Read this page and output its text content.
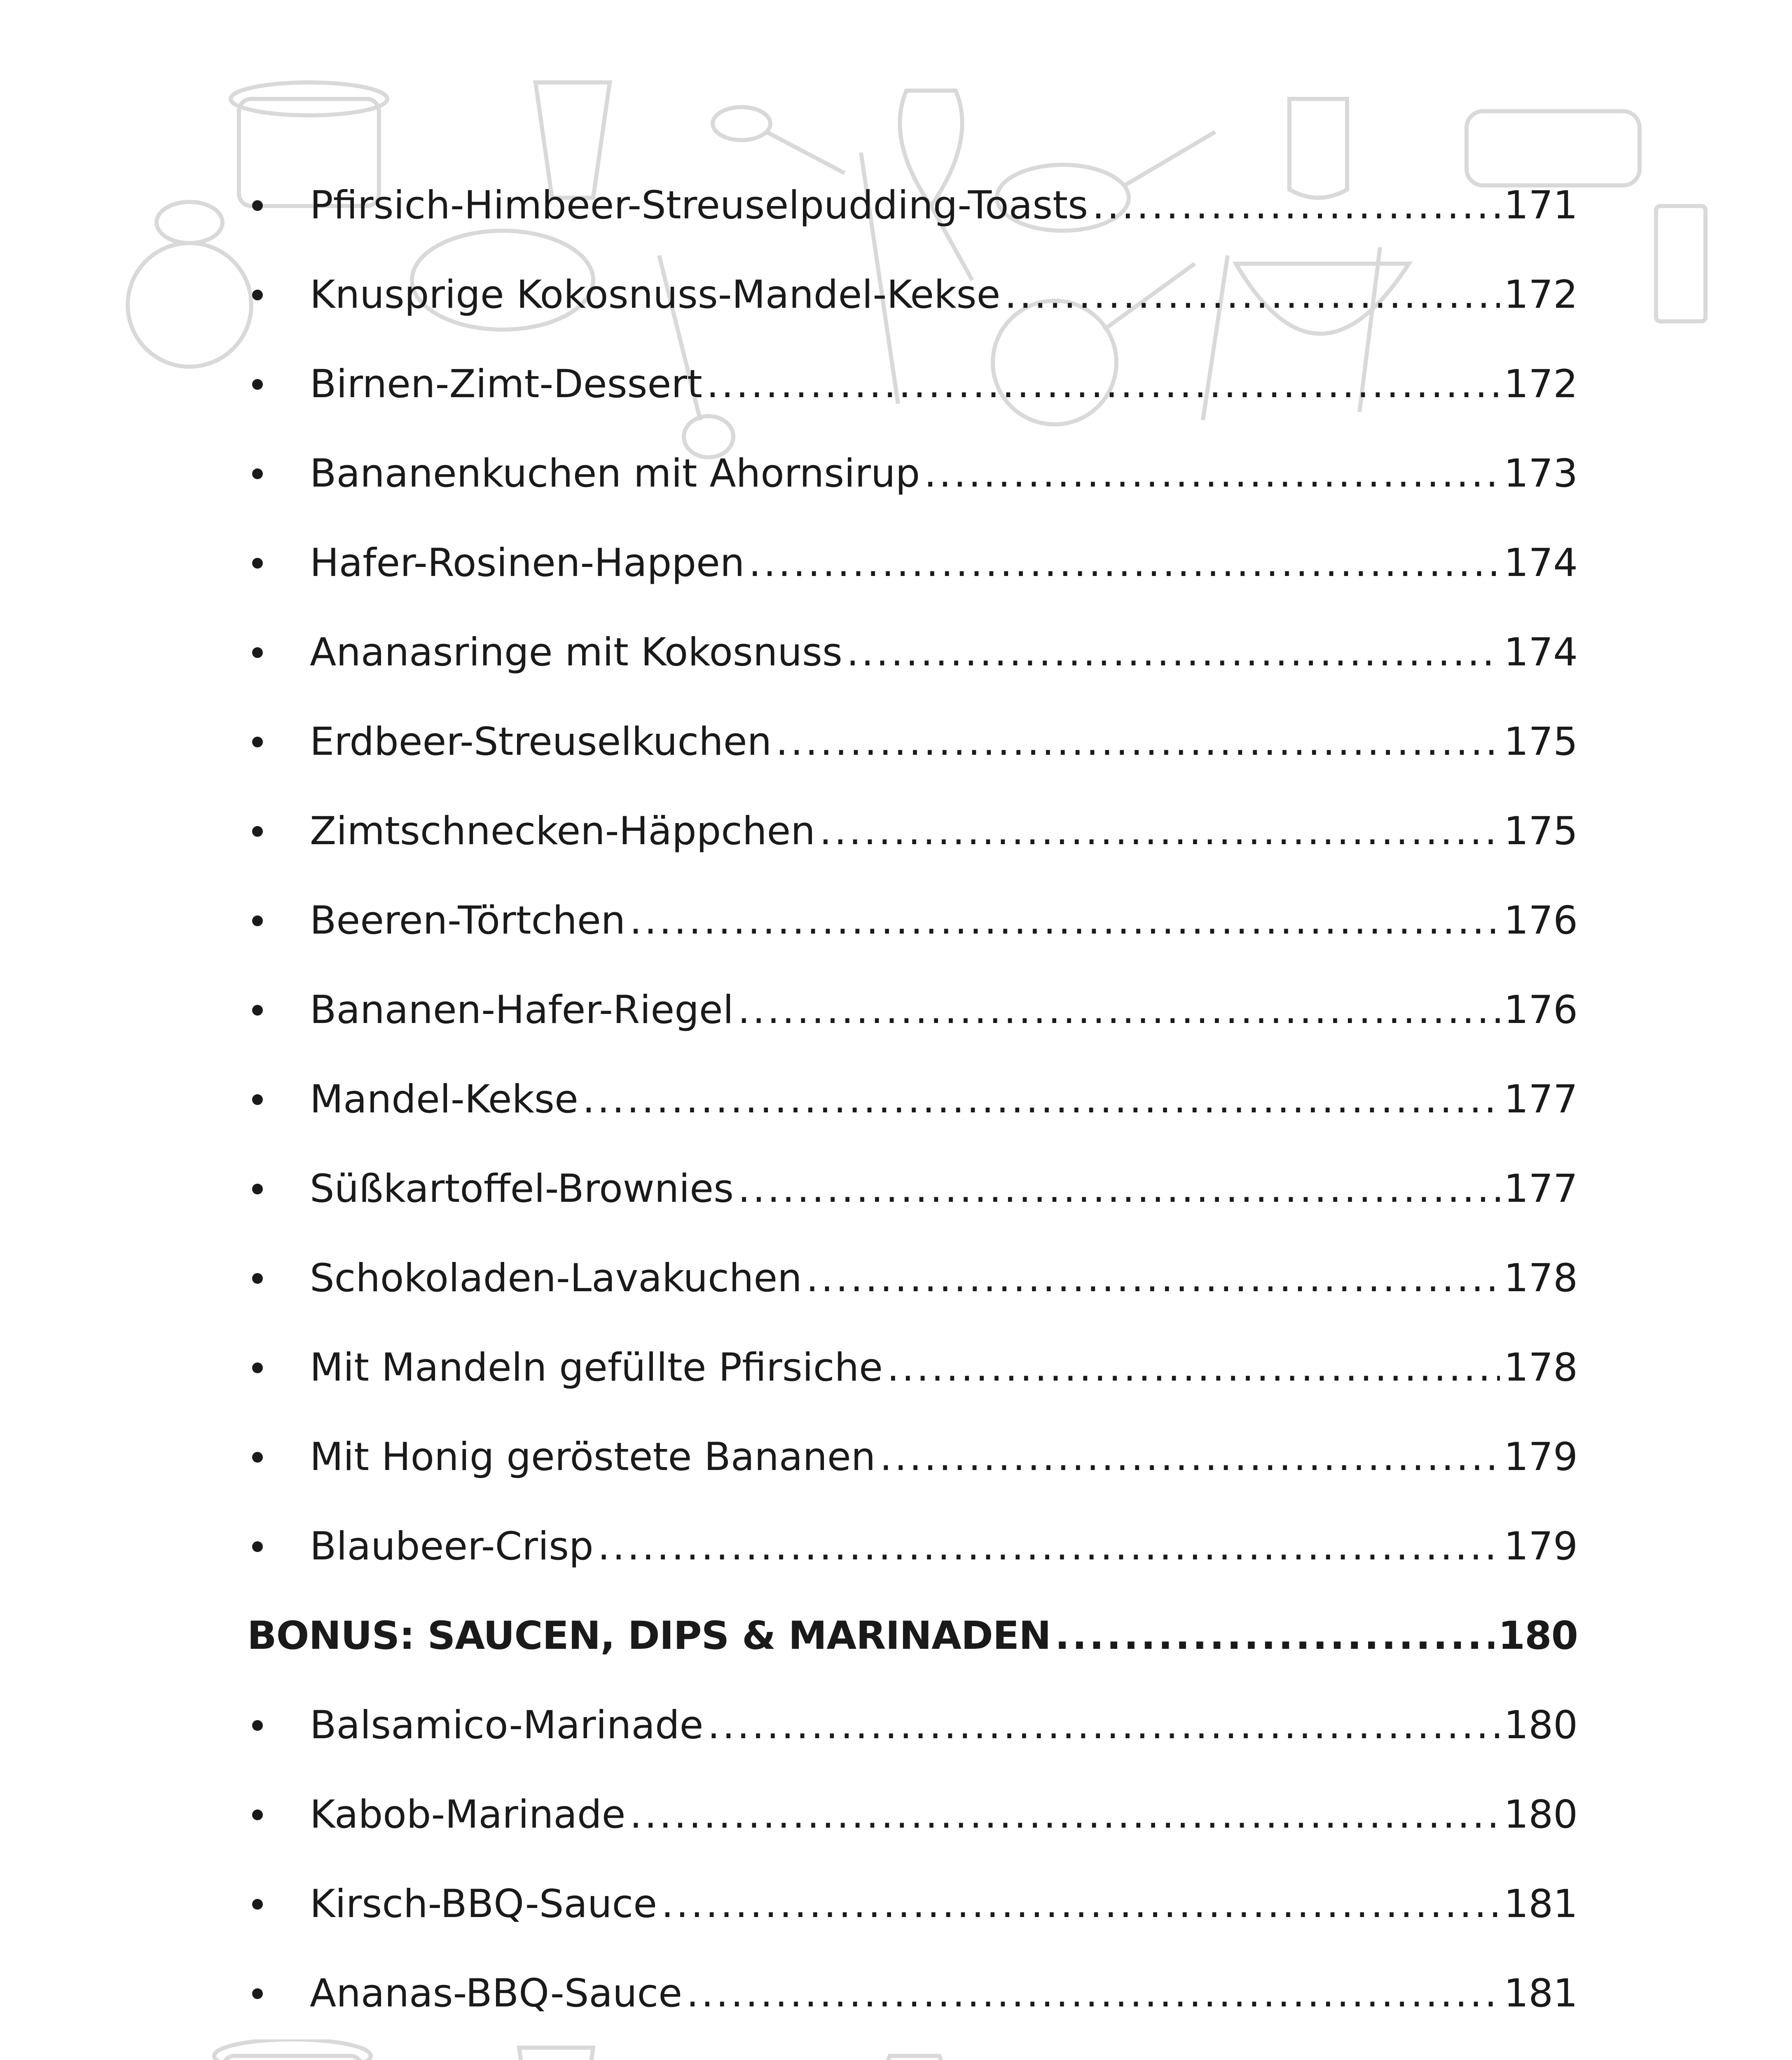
Pfirsich-Himbeer-Streuselpudding-Toasts .....	171
Knusprige Kokosnuss-Mandel-Kekse .....	172
Birnen-Zimt-Dessert .....	172
Bananenkuchen mit Ahornsirup .....	173
Hafer-Rosinen-Happen .....	174
Ananasringe mit Kokosnuss .....	174
Erdbeer-Streuselkuchen .....	175
Zimtschnecken-Häppchen .....	175
Beeren-Törtchen .....	176
Bananen-Hafer-Riegel .....	176
Mandel-Kekse .....	177
Süßkartoffel-Brownies .....	177
Schokoladen-Lavakuchen .....	178
Mit Mandeln gefüllte Pfirsiche .....	178
Mit Honig geröstete Bananen .....	179
Blaubeer-Crisp .....	179
BONUS: SAUCEN, DIPS & MARINADEN .....	180
Balsamico-Marinade .....	180
Kabob-Marinade .....	180
Kirsch-BBQ-Sauce .....	181
Ananas-BBQ-Sauce .....	181
